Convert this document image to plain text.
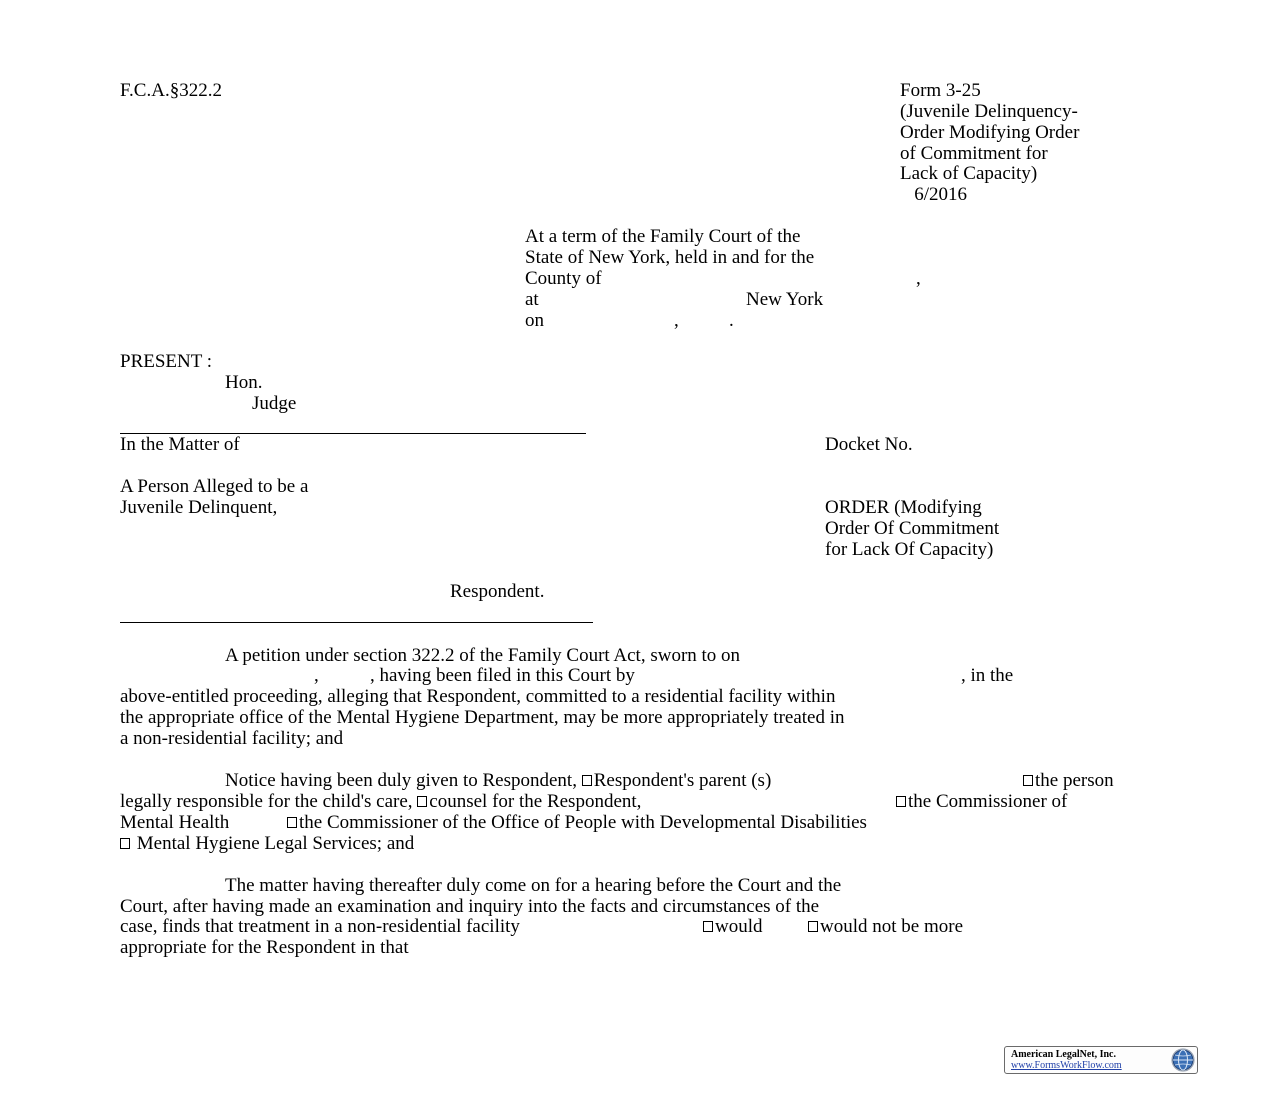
F.C.A.§322.2	Form 3-25
(Juvenile Delinquency-
Order Modifying Order
of Commitment for
Lack of Capacity)
6/2016
At a term of the Family Court of the
State of New York, held in and for the
County of	,
at	New York
on	,	.
PRESENT :
Hon.
Judge
In the Matter of	Docket No.
A Person Alleged to be a
Juvenile Delinquent,	ORDER (Modifying
Order Of Commitment
for Lack Of Capacity)
Respondent.
A petition under section 322.2 of the Family Court Act, sworn to on
,	, having been filed in this Court by	, in the
above-entitled proceeding, alleging that Respondent, committed to a residential facility within
the appropriate office of the Mental Hygiene Department, may be more appropriately treated in
a non-residential facility; and
Notice having been duly given to Respondent, Respondent's parent (s)	the person
legally responsible for the child's care, counsel for the Respondent,	the Commissioner of
Mental Health	the Commissioner of the Office of People with Developmental Disabilities
Mental Hygiene Legal Services; and
The matter having thereafter duly come on for a hearing before the Court and the
Court, after having made an examination and inquiry into the facts and circumstances of the
case, finds that treatment in a non-residential facility	would	would not be more
appropriate for the Respondent in that
American LegalNet, Inc.
www.FormsWorkFlow.com
